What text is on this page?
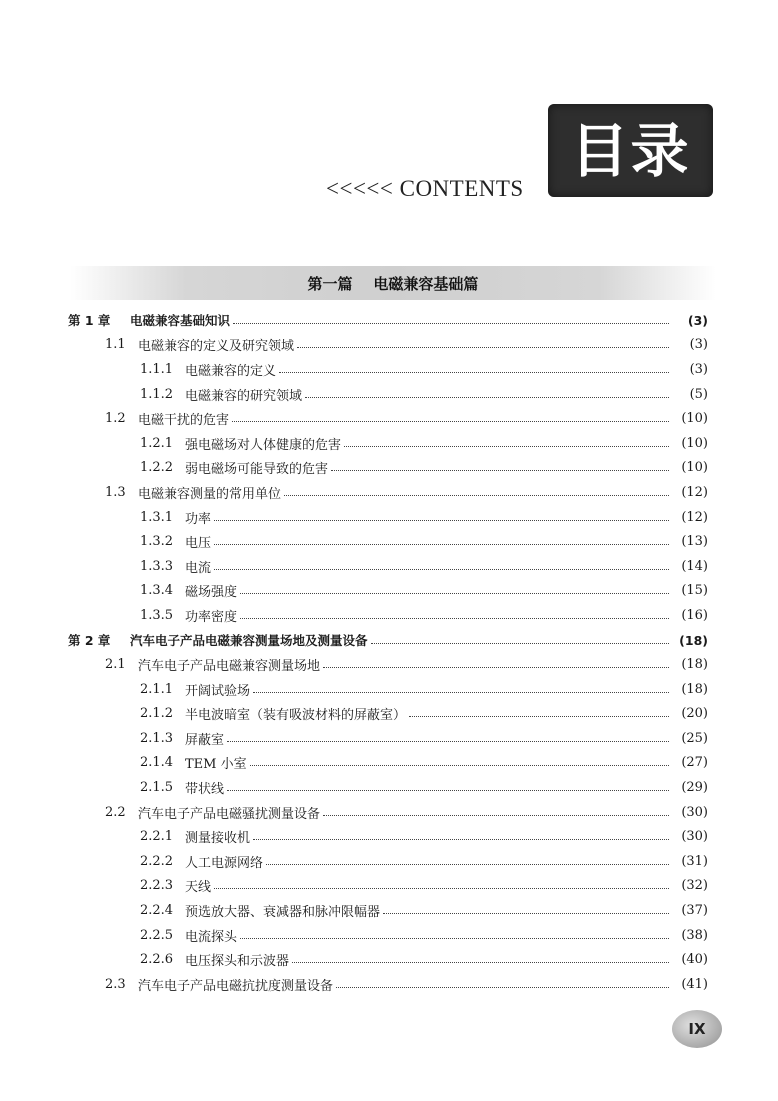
目录
<<<<< CONTENTS
第一篇    电磁兼容基础篇
第 1 章	电磁兼容基础知识	(3)
1.1 电磁兼容的定义及研究领域	(3)
1.1.1 电磁兼容的定义	(3)
1.1.2 电磁兼容的研究领域	(5)
1.2 电磁干扰的危害	(10)
1.2.1 强电磁场对人体健康的危害	(10)
1.2.2 弱电磁场可能导致的危害	(10)
1.3 电磁兼容测量的常用单位	(12)
1.3.1 功率	(12)
1.3.2 电压	(13)
1.3.3 电流	(14)
1.3.4 磁场强度	(15)
1.3.5 功率密度	(16)
第 2 章	汽车电子产品电磁兼容测量场地及测量设备	(18)
2.1 汽车电子产品电磁兼容测量场地	(18)
2.1.1 开阔试验场	(18)
2.1.2 半电波暗室（装有吸波材料的屏蔽室）	(20)
2.1.3 屏蔽室	(25)
2.1.4 TEM 小室	(27)
2.1.5 带状线	(29)
2.2 汽车电子产品电磁骚扰测量设备	(30)
2.2.1 测量接收机	(30)
2.2.2 人工电源网络	(31)
2.2.3 天线	(32)
2.2.4 预选放大器、衰减器和脉冲限幅器	(37)
2.2.5 电流探头	(38)
2.2.6 电压探头和示波器	(40)
2.3 汽车电子产品电磁抗扰度测量设备	(41)
IX
